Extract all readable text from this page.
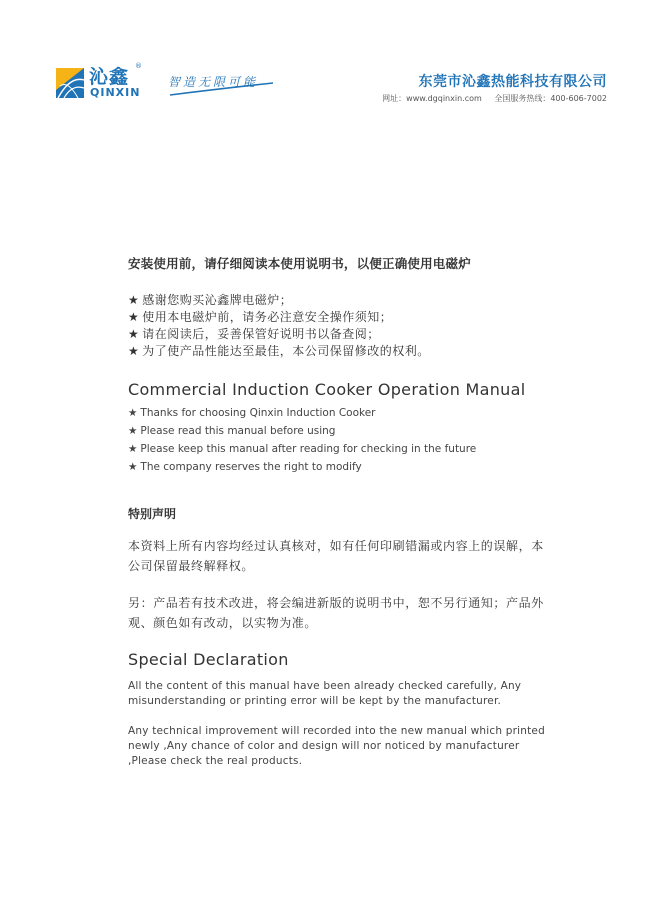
沁鑫 ®
QINXIN
智造无限可能	东莞市沁鑫热能科技有限公司
网址：www.dgqinxin.com 全国服务热线：400-606-7002
安装使用前，请仔细阅读本使用说明书，以便正确使用电磁炉
★ 感谢您购买沁鑫牌电磁炉；
★ 使用本电磁炉前，请务必注意安全操作须知；
★ 请在阅读后，妥善保管好说明书以备查阅；
★ 为了使产品性能达至最佳，本公司保留修改的权利。
Commercial Induction Cooker Operation Manual
★ Thanks for choosing Qinxin Induction Cooker
★ Please read this manual before using
★ Please keep this manual after reading for checking in the future
★ The company reserves the right to modify
特别声明

本资料上所有内容均经过认真核对，如有任何印刷错漏或内容上的误解，本公司保留最终解释权。

另：产品若有技术改进，将会编进新版的说明书中，恕不另行通知；产品外观、颜色如有改动，以实物为准。

Special Declaration

All the content of this manual have been already checked carefully, Any misunderstanding or printing error will be kept by the manufacturer.

Any technical improvement will recorded into the new manual which printed newly ,Any chance of color and design will nor noticed by manufacturer ,Please check the real products.
